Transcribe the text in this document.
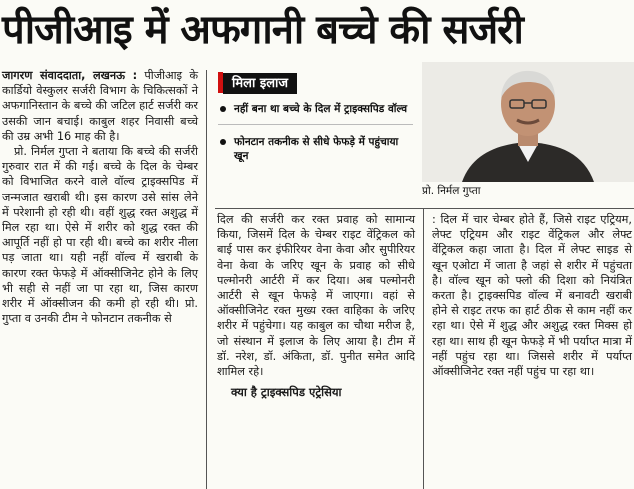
पीजीआइ में अफगानी बच्चे की सर्जरी

जागरण संवाददाता, लखनऊ : पीजीआइ के कार्डियो वेस्कुलर सर्जरी विभाग के चिकित्सकों ने अफगानिस्तान के बच्चे की जटिल हार्ट सर्जरी कर उसकी जान बचाई। काबुल शहर निवासी बच्चे की उम्र अभी 16 माह की है।

प्रो. निर्मल गुप्ता ने बताया कि बच्चे की सर्जरी गुरुवार रात में की गई। बच्चे के दिल के चेम्बर को विभाजित करने वाले वॉल्व ट्राइक्सपिड में जन्मजात खराबी थी। इस कारण उसे सांस लेने में परेशानी हो रही थी। वहीं शुद्ध रक्त अशुद्ध में मिल रहा था। ऐसे में शरीर को शुद्ध रक्त की आपूर्ति नहीं हो पा रही थी। बच्चे का शरीर नीला पड़ जाता था। यही नहीं वॉल्व में खराबी के कारण रक्त फेफड़े में ऑक्सीजिनेट होने के लिए भी सही से नहीं जा पा रहा था, जिस कारण शरीर में ऑक्सीजन की कमी हो रही थी। प्रो. गुप्ता व उनकी टीम ने फोनटान तकनीक से

मिला इलाज
नहीं बना था बच्चे के दिल में ट्राइक्सपिड वॉल्व
फोनटान तकनीक से सीधे फेफड़े में पहुंचाया खून
प्रो. निर्मल गुप्ता

दिल की सर्जरी कर रक्त प्रवाह को सामान्य किया, जिसमें दिल के चेम्बर राइट वेंट्रिकल को बाई पास कर इंफीरियर वेना केवा और सुपीरियर वेना केवा के जरिए खून के प्रवाह को सीधे पल्मोनरी आर्टरी में कर दिया। अब पल्मोनरी आर्टरी से खून फेफड़े में जाएगा। वहां से ऑक्सीजिनेट रक्त मुख्य रक्त वाहिका के जरिए शरीर में पहुंचेगा। यह काबुल का चौथा मरीज है, जो संस्थान में इलाज के लिए आया है। टीम में डॉ. नरेश, डॉ. अंकिता, डॉ. पुनीत समेत आदि शामिल रहे।

क्या है ट्राइक्सपिड एट्रेसिया

: दिल में चार चेम्बर होते हैं, जिसे राइट एट्रियम, लेफ्ट एट्रियम और राइट वेंट्रिकल और लेफ्ट वेंट्रिकल कहा जाता है। दिल में लेफ्ट साइड से खून एओटा में जाता है जहां से शरीर में पहुंचता है। वॉल्व खून को फ्लो की दिशा को नियंत्रित करता है। ट्राइक्सपिड वॉल्व में बनावटी खराबी होने से राइट तरफ का हार्ट ठीक से काम नहीं कर रहा था। ऐसे में शुद्ध और अशुद्ध रक्त मिक्स हो रहा था। साथ ही खून फेफड़े में भी पर्याप्त मात्रा में नहीं पहुंच रहा था। जिससे शरीर में पर्याप्त ऑक्सीजिनेट रक्त नहीं पहुंच पा रहा था।
